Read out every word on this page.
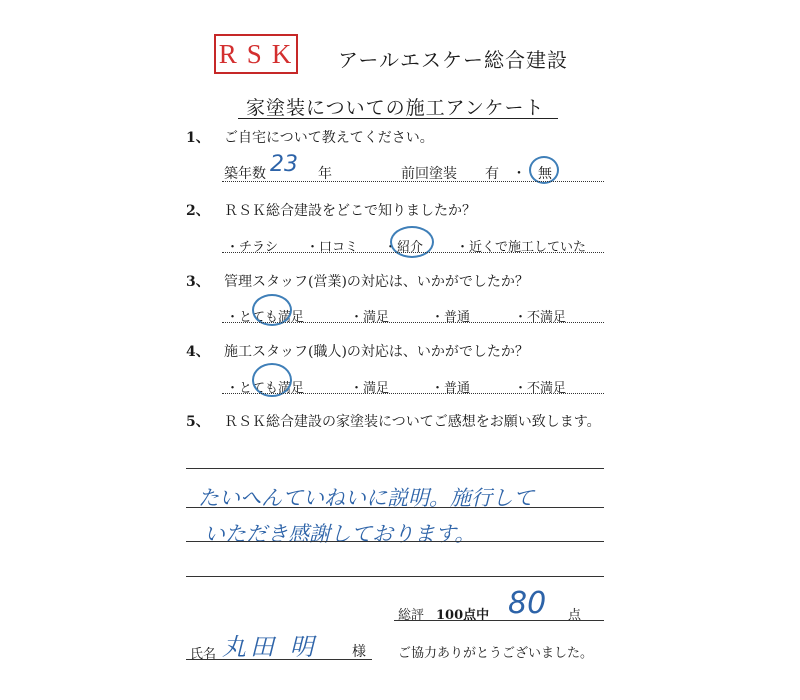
RSK アールエスケー総合建設
家塗装についての施工アンケート
1、 ご自宅について教えてください。
築年数 23 年	前回塗装 有 ・ 無
2、 ＲＳＫ総合建設をどこで知りましたか？
・チラシ ・口コミ ・紹介	・近くで施工していた
3、 管理スタッフ(営業)の対応は、いかがでしたか？
・とても満足	・満足	・普通	・不満足
4、 施工スタッフ(職人)の対応は、いかがでしたか？
・とても満足	・満足	・普通	・不満足
5、 ＲＳＫ総合建設の家塗装についてご感想をお願い致します。
たいへんていねいに説明。施行して
いただき感謝しております。
総評 100点中 80 点
氏名 丸田 明 様 ご協力ありがとうございました。
